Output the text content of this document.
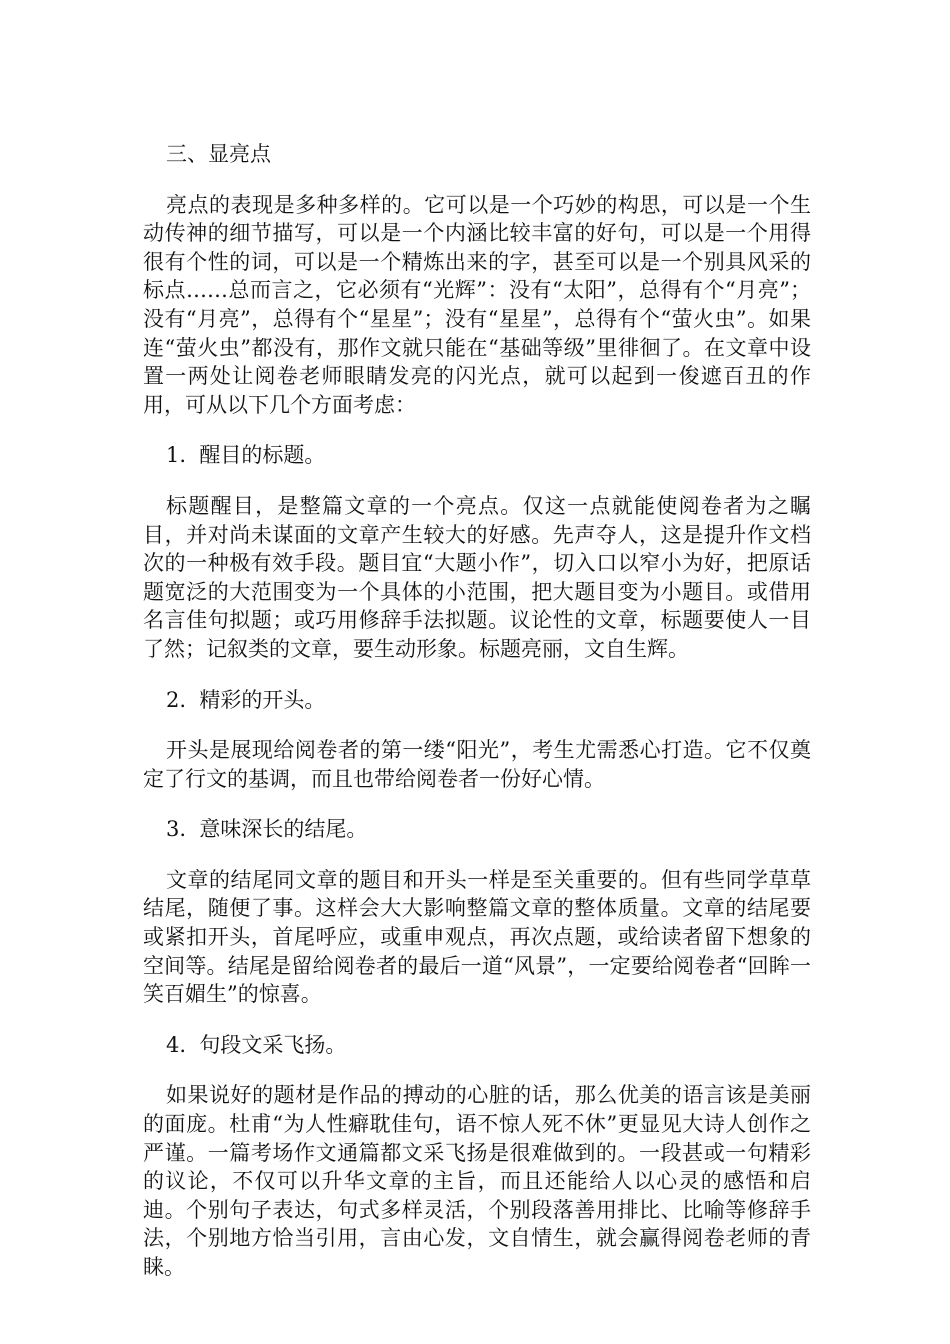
三、显亮点

亮点的表现是多种多样的。它可以是一个巧妙的构思，可以是一个生动传神的细节描写，可以是一个内涵比较丰富的好句，可以是一个用得很有个性的词，可以是一个精炼出来的字，甚至可以是一个别具风采的标点……总而言之，它必须有“光辉”：没有“太阳”，总得有个“月亮”；没有“月亮”，总得有个“星星”；没有“星星”，总得有个“萤火虫”。如果连“萤火虫”都没有，那作文就只能在“基础等级”里徘徊了。在文章中设置一两处让阅卷老师眼睛发亮的闪光点，就可以起到一俊遮百丑的作用，可从以下几个方面考虑：

1.  醒目的标题。

标题醒目，是整篇文章的一个亮点。仅这一点就能使阅卷者为之瞩目，并对尚未谋面的文章产生较大的好感。先声夺人，这是提升作文档次的一种极有效手段。题目宜“大题小作”，切入口以窄小为好，把原话题宽泛的大范围变为一个具体的小范围，把大题目变为小题目。或借用名言佳句拟题；或巧用修辞手法拟题。议论性的文章，标题要使人一目了然；记叙类的文章，要生动形象。标题亮丽，文自生辉。

2.  精彩的开头。

开头是展现给阅卷者的第一缕“阳光”，考生尤需悉心打造。它不仅奠定了行文的基调，而且也带给阅卷者一份好心情。

3.  意味深长的结尾。

文章的结尾同文章的题目和开头一样是至关重要的。但有些同学草草结尾，随便了事。这样会大大影响整篇文章的整体质量。文章的结尾要或紧扣开头，首尾呼应，或重申观点，再次点题，或给读者留下想象的空间等。结尾是留给阅卷者的最后一道“风景”，一定要给阅卷者“回眸一笑百媚生”的惊喜。

4.  句段文采飞扬。

如果说好的题材是作品的搏动的心脏的话，那么优美的语言该是美丽的面庞。杜甫“为人性癖耽佳句，语不惊人死不休”更显见大诗人创作之严谨。一篇考场作文通篇都文采飞扬是很难做到的。一段甚或一句精彩的议论，不仅可以升华文章的主旨，而且还能给人以心灵的感悟和启迪。个别句子表达，句式多样灵活，个别段落善用排比、比喻等修辞手法，个别地方恰当引用，言由心发，文自情生，就会赢得阅卷老师的青睐。
